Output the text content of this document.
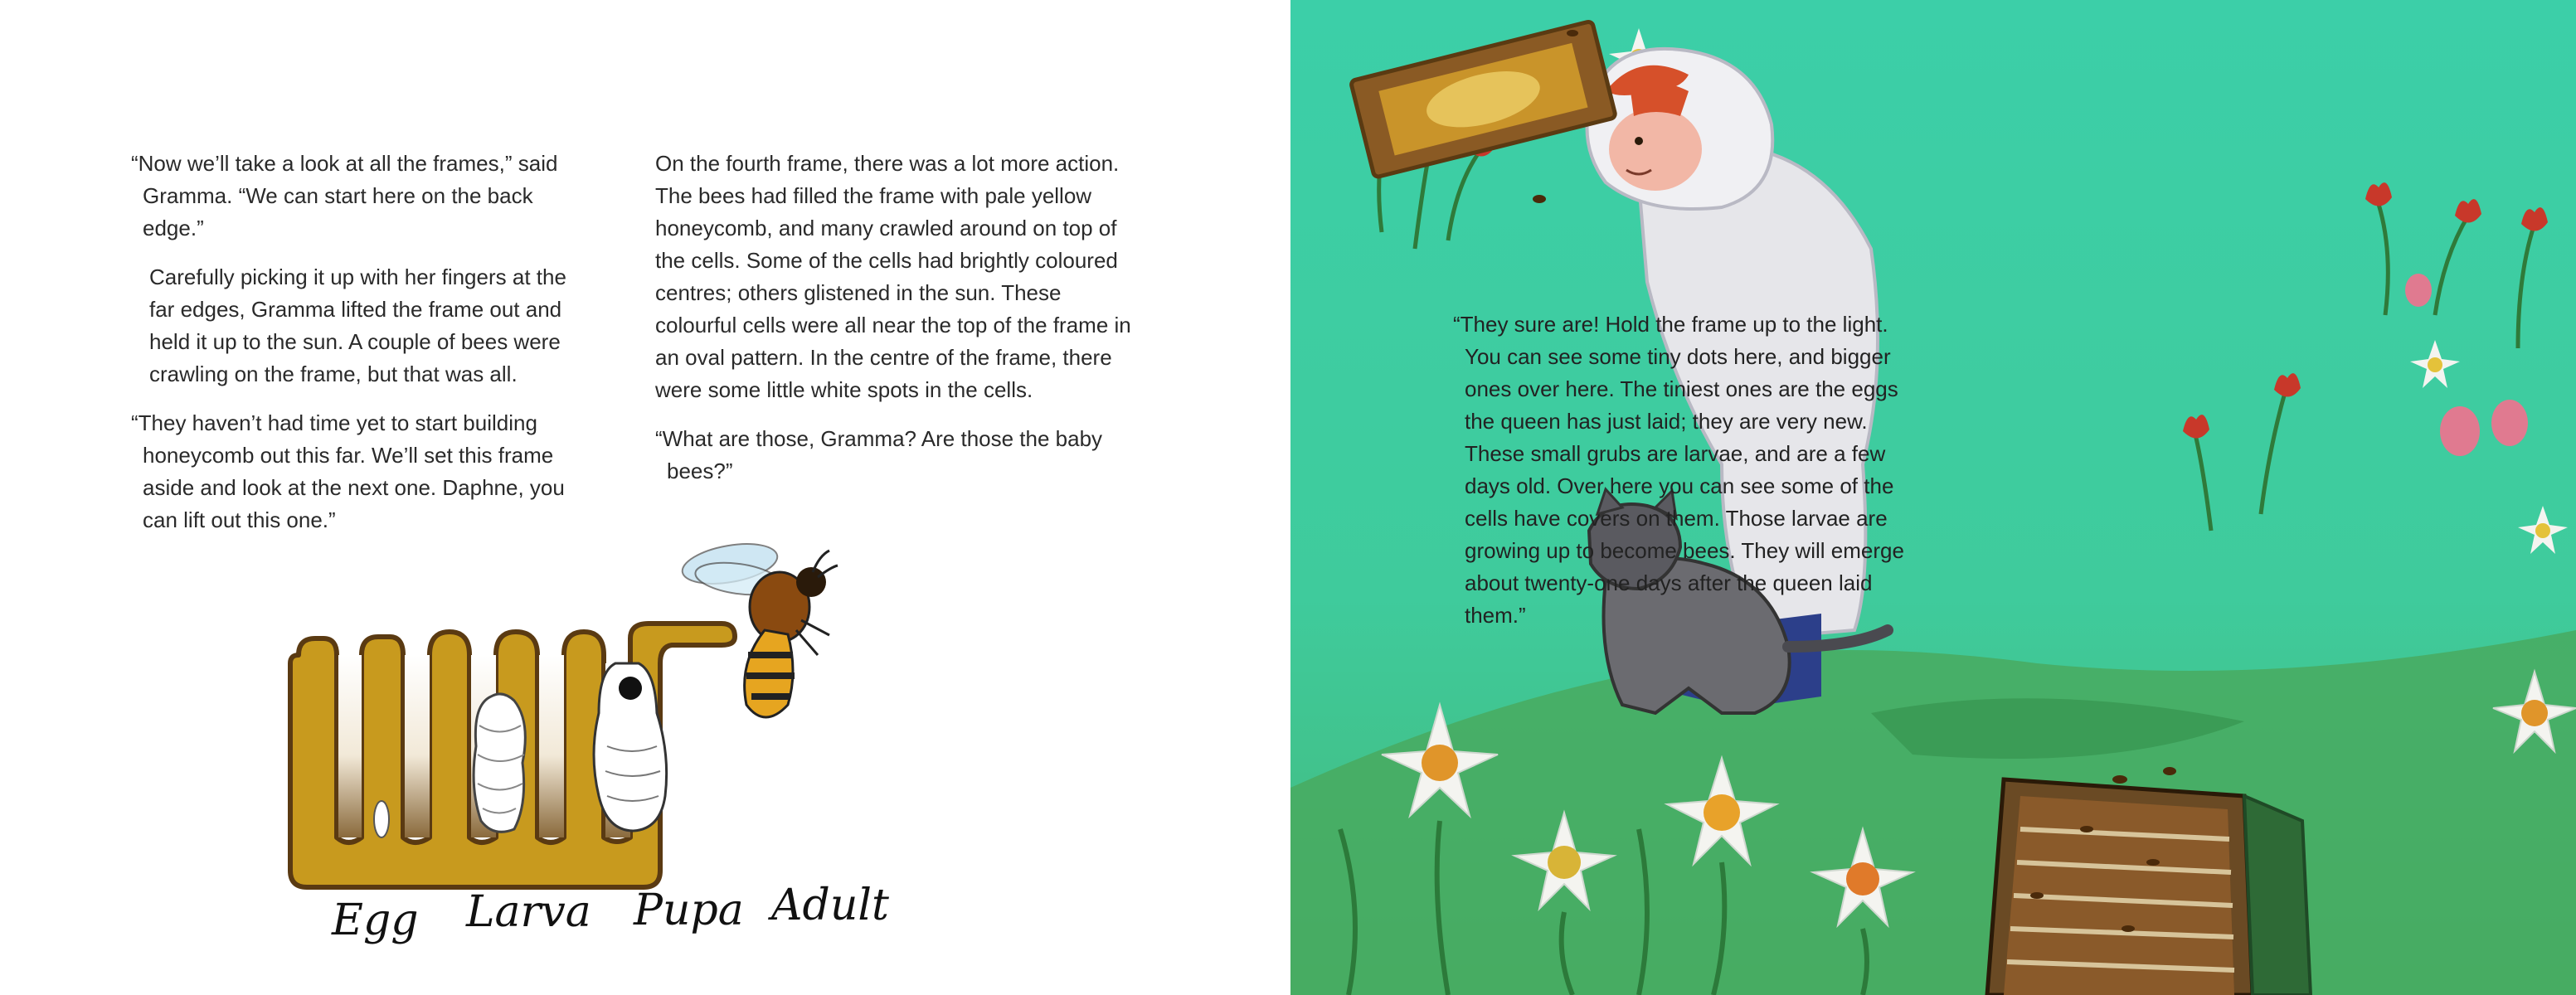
“Now we’ll take a look at all the frames,” said Gramma. “We can start here on the back edge.”

Carefully picking it up with her fingers at the far edges, Gramma lifted the frame out and held it up to the sun. A couple of bees were crawling on the frame, but that was all.

“They haven’t had time yet to start building honeycomb out this far. We’ll set this frame aside and look at the next one. Daphne, you can lift out this one.”

On the fourth frame, there was a lot more action. The bees had filled the frame with pale yellow honeycomb, and many crawled around on top of the cells. Some of the cells had brightly coloured centres; others glistened in the sun. These colourful cells were all near the top of the frame in an oval pattern. In the centre of the frame, there were some little white spots in the cells.

“What are those, Gramma? Are those the baby bees?”

Egg Larva Pupa Adult

“They sure are! Hold the frame up to the light. You can see some tiny dots here, and bigger ones over here. The tiniest ones are the eggs the queen has just laid; they are very new. These small grubs are larvae, and are a few days old. Over here you can see some of the cells have covers on them. Those larvae are growing up to become bees. They will emerge about twenty-one days after the queen laid them.”
